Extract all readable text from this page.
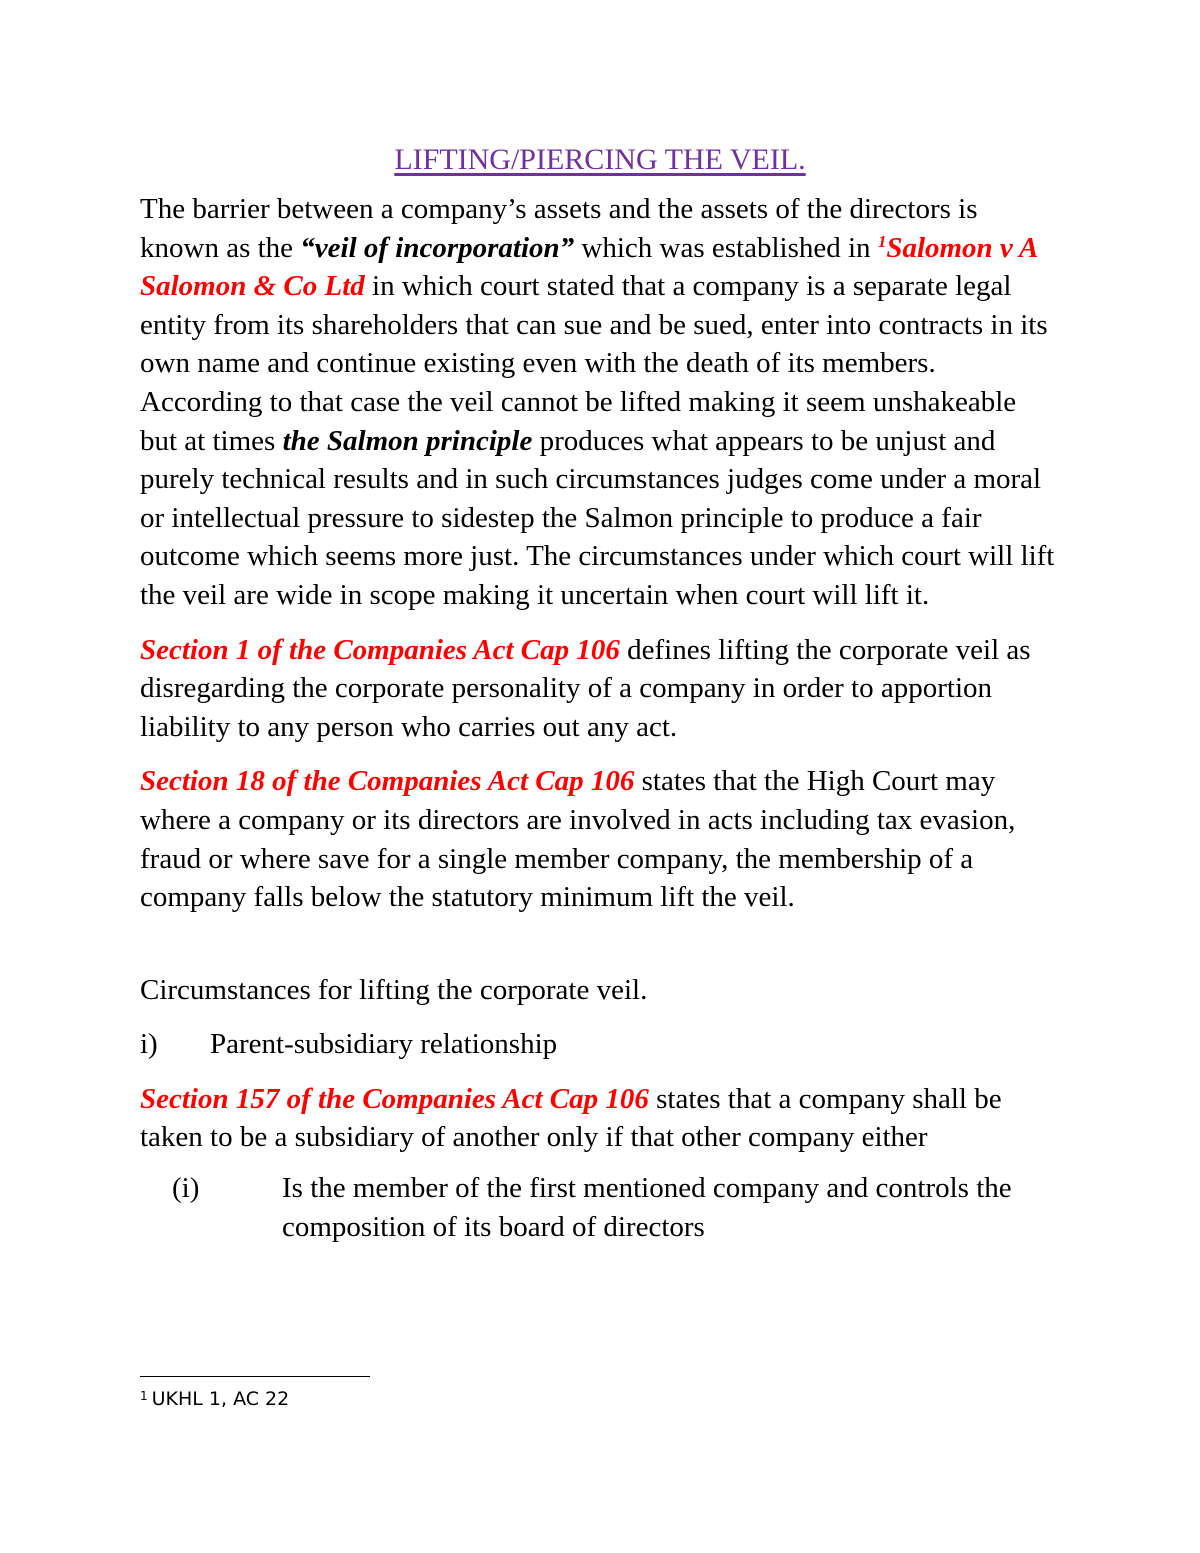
LIFTING/PIERCING THE VEIL.

The barrier between a company’s assets and the assets of the directors is known as the “veil of incorporation” which was established in $^1$Salomon v A Salomon & Co Ltd in which court stated that a company is a separate legal entity from its shareholders that can sue and be sued, enter into contracts in its own name and continue existing even with the death of its members. According to that case the veil cannot be lifted making it seem unshakeable but at times the Salmon principle produces what appears to be unjust and purely technical results and in such circumstances judges come under a moral or intellectual pressure to sidestep the Salmon principle to produce a fair outcome which seems more just. The circumstances under which court will lift the veil are wide in scope making it uncertain when court will lift it.

Section 1 of the Companies Act Cap 106 defines lifting the corporate veil as disregarding the corporate personality of a company in order to apportion liability to any person who carries out any act.

Section 18 of the Companies Act Cap 106 states that the High Court may where a company or its directors are involved in acts including tax evasion, fraud or where save for a single member company, the membership of a company falls below the statutory minimum lift the veil.

Circumstances for lifting the corporate veil.

i)	Parent-subsidiary relationship

Section 157 of the Companies Act Cap 106 states that a company shall be taken to be a subsidiary of another only if that other company either

(i)	Is the member of the first mentioned company and controls the composition of its board of directors
$^1$ UKHL 1, AC 22
